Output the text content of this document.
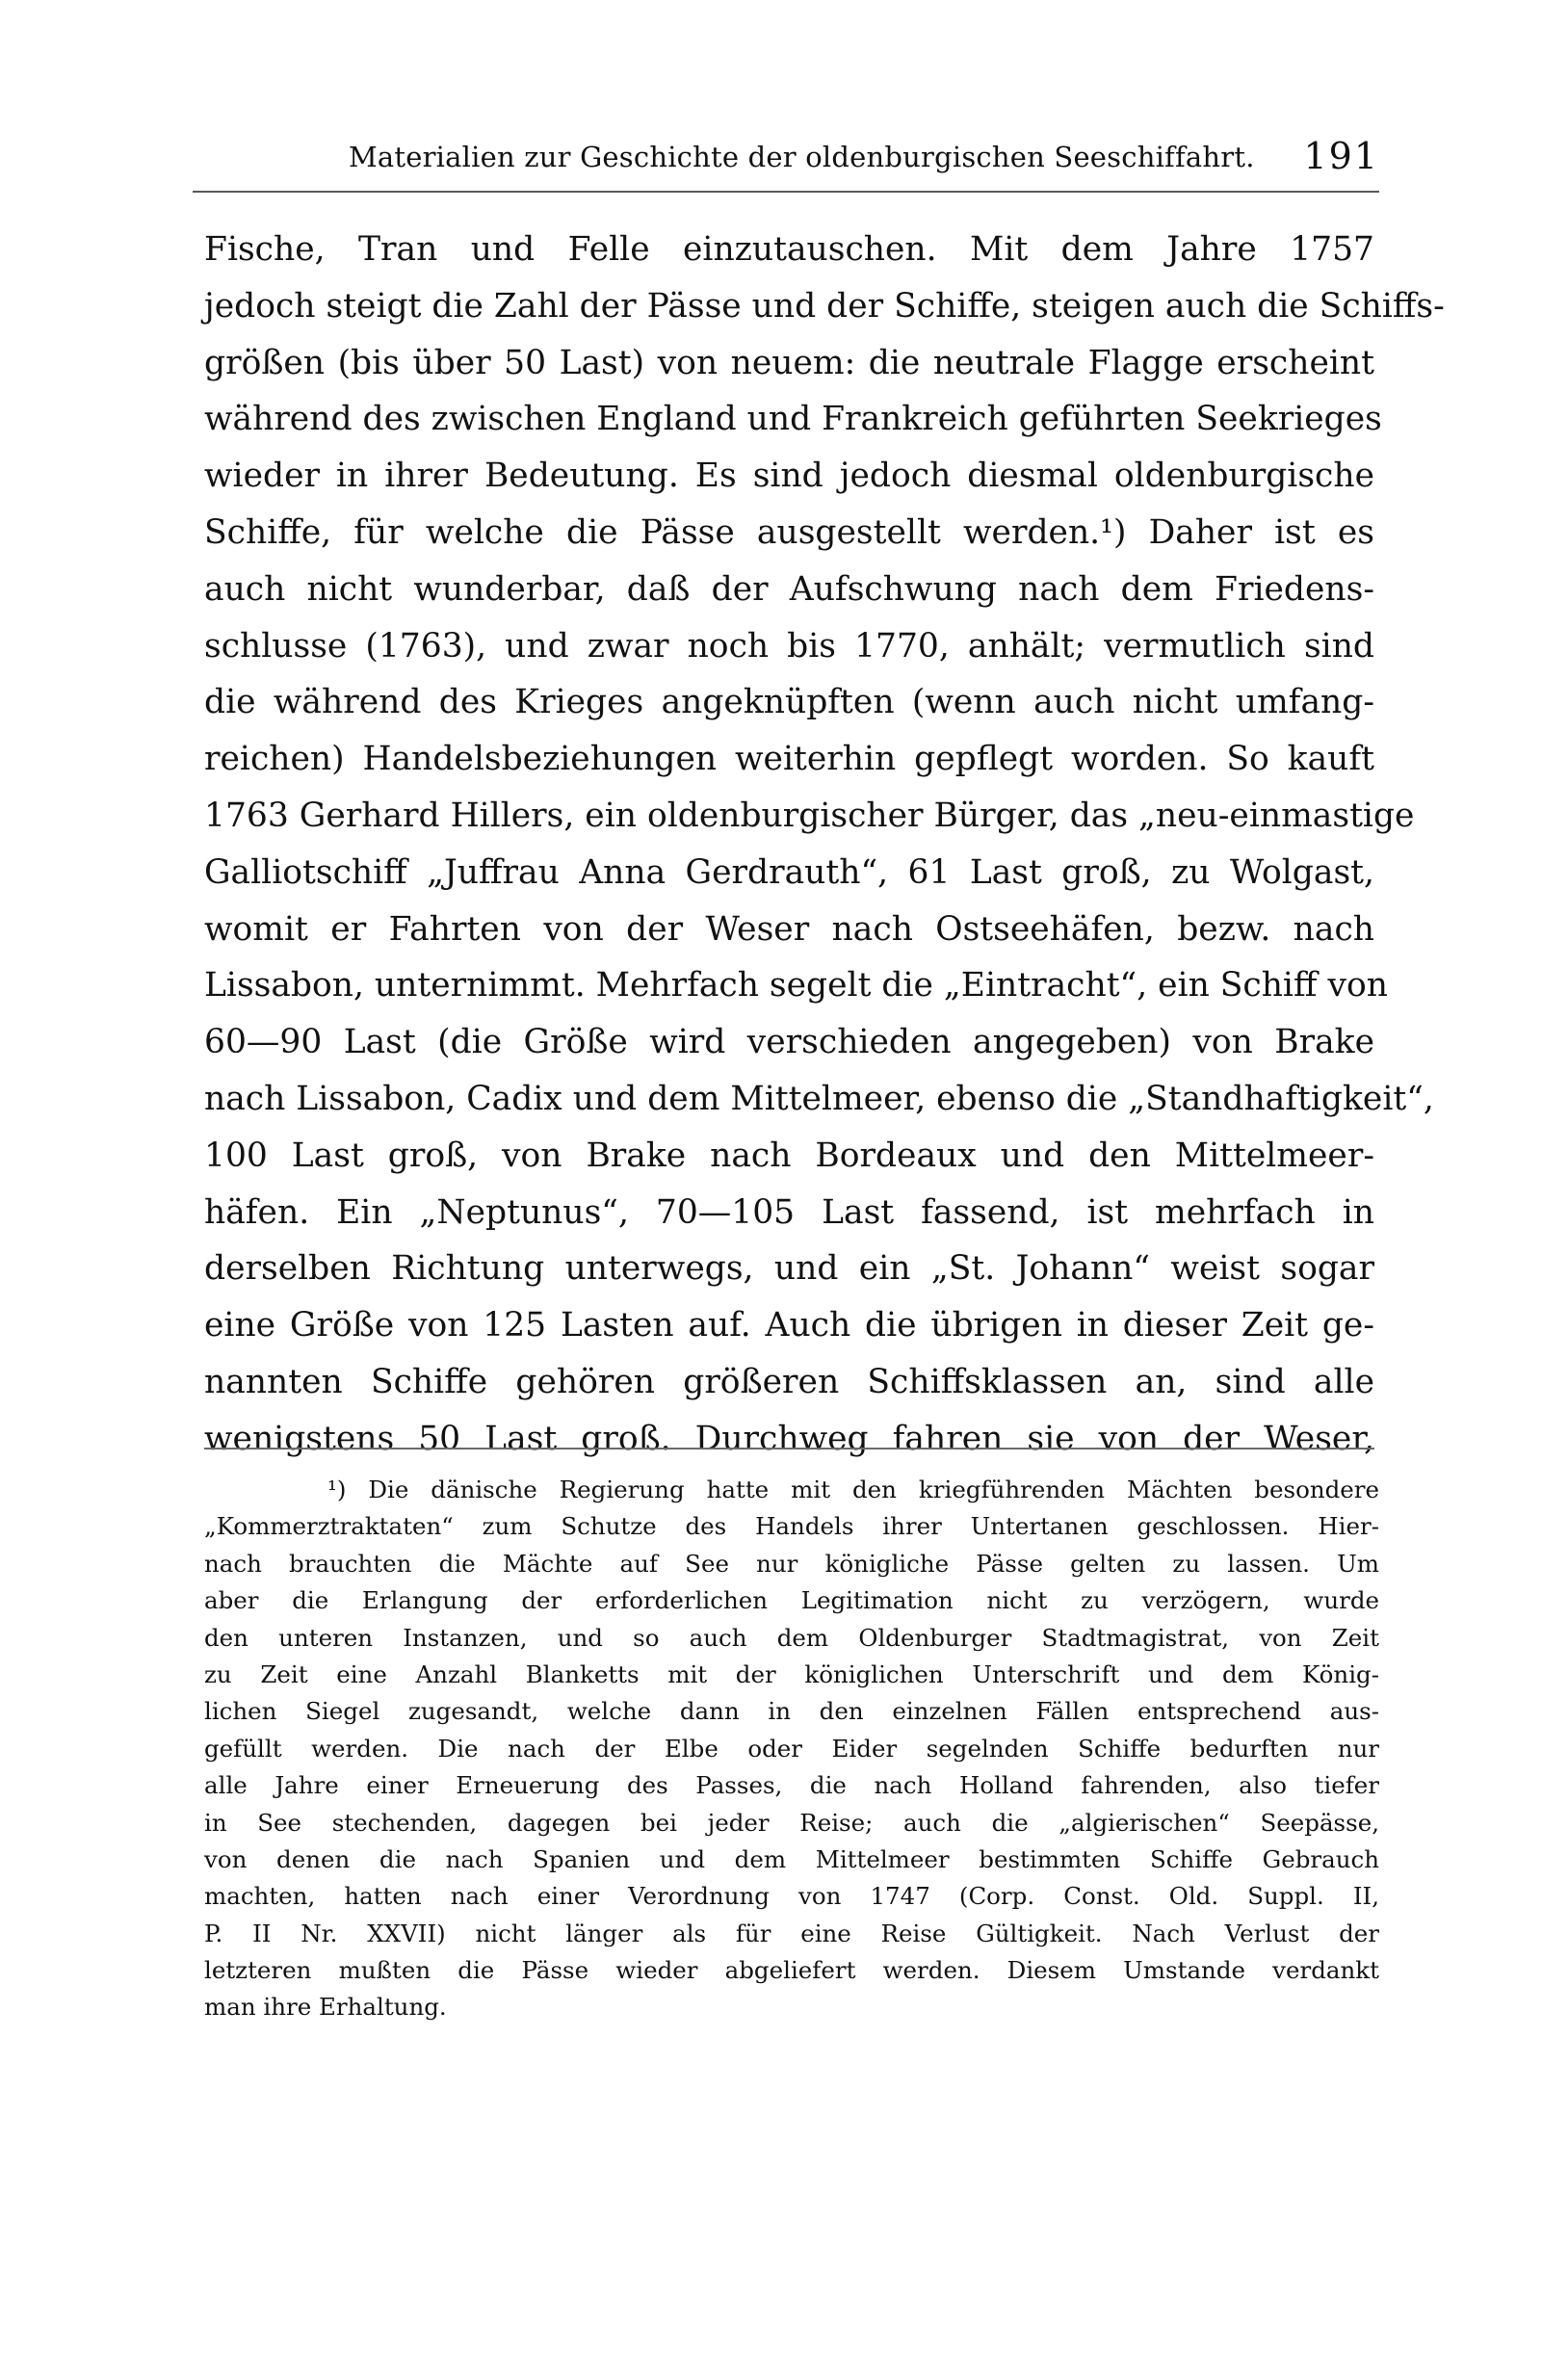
Materialien zur Geschichte der oldenburgischen Seeschiffahrt. 191
Fische, Tran und Felle einzutauschen. Mit dem Jahre 1757
jedoch steigt die Zahl der Pässe und der Schiffe, steigen auch die Schiffs-
größen (bis über 50 Last) von neuem: die neutrale Flagge erscheint
während des zwischen England und Frankreich geführten Seekrieges
wieder in ihrer Bedeutung. Es sind jedoch diesmal oldenburgische
Schiffe, für welche die Pässe ausgestellt werden.¹) Daher ist es
auch nicht wunderbar, daß der Aufschwung nach dem Friedens-
schlusse (1763), und zwar noch bis 1770, anhält; vermutlich sind
die während des Krieges angeknüpften (wenn auch nicht umfang-
reichen) Handelsbeziehungen weiterhin gepflegt worden. So kauft
1763 Gerhard Hillers, ein oldenburgischer Bürger, das „neu-einmastige
Galliotschiff „Juffrau Anna Gerdrauth“, 61 Last groß, zu Wolgast,
womit er Fahrten von der Weser nach Ostseehäfen, bezw. nach
Lissabon, unternimmt. Mehrfach segelt die „Eintracht“, ein Schiff von
60—90 Last (die Größe wird verschieden angegeben) von Brake
nach Lissabon, Cadix und dem Mittelmeer, ebenso die „Standhaftigkeit“,
100 Last groß, von Brake nach Bordeaux und den Mittelmeer-
häfen. Ein „Neptunus“, 70—105 Last fassend, ist mehrfach in
derselben Richtung unterwegs, und ein „St. Johann“ weist sogar
eine Größe von 125 Lasten auf. Auch die übrigen in dieser Zeit ge-
nannten Schiffe gehören größeren Schiffsklassen an, sind alle
wenigstens 50 Last groß. Durchweg fahren sie von der Weser,
¹) Die dänische Regierung hatte mit den kriegführenden Mächten besondere
„Kommerztraktaten“ zum Schutze des Handels ihrer Untertanen geschlossen. Hier-
nach brauchten die Mächte auf See nur königliche Pässe gelten zu lassen. Um
aber die Erlangung der erforderlichen Legitimation nicht zu verzögern, wurde
den unteren Instanzen, und so auch dem Oldenburger Stadtmagistrat, von Zeit
zu Zeit eine Anzahl Blanketts mit der königlichen Unterschrift und dem König-
lichen Siegel zugesandt, welche dann in den einzelnen Fällen entsprechend aus-
gefüllt werden. Die nach der Elbe oder Eider segelnden Schiffe bedurften nur
alle Jahre einer Erneuerung des Passes, die nach Holland fahrenden, also tiefer
in See stechenden, dagegen bei jeder Reise; auch die „algierischen“ Seepässe,
von denen die nach Spanien und dem Mittelmeer bestimmten Schiffe Gebrauch
machten, hatten nach einer Verordnung von 1747 (Corp. Const. Old. Suppl. II,
P. II Nr. XXVII) nicht länger als für eine Reise Gültigkeit. Nach Verlust der
letzteren mußten die Pässe wieder abgeliefert werden. Diesem Umstande verdankt
man ihre Erhaltung.
